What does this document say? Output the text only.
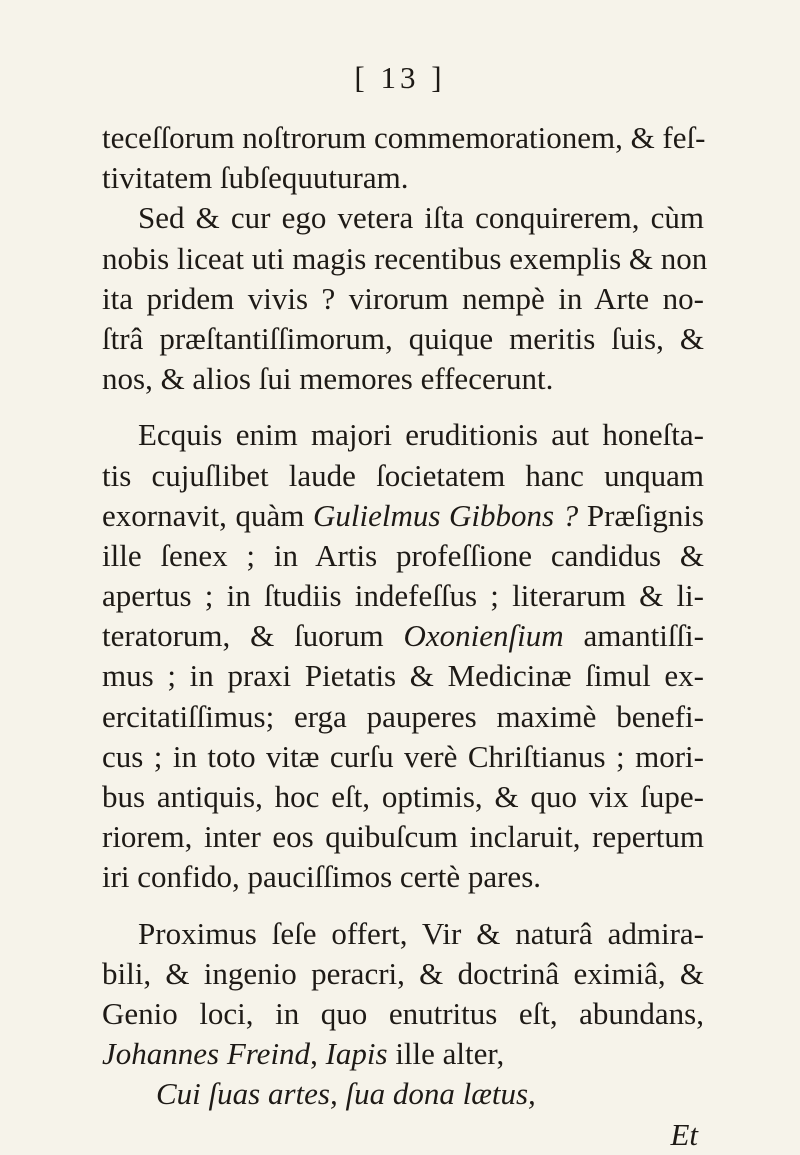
[ 13 ]
teceſſorum noſtrorum commemorationem, & feſ-
tivitatem ſubſequuturam.
Sed & cur ego vetera iſta conquirerem, cùm
nobis liceat uti magis recentibus exemplis & non
ita pridem vivis ? virorum nempè in Arte no-
ſtrâ præſtantiſſimorum, quique meritis ſuis, &
nos, & alios ſui memores effecerunt.
Ecquis enim majori eruditionis aut honeſta-
tis cujuſlibet laude ſocietatem hanc unquam
exornavit, quàm Gulielmus Gibbons ? Præſignis
ille ſenex ; in Artis profeſſione candidus &
apertus ; in ſtudiis indefeſſus ; literarum & li-
teratorum, & ſuorum Oxonienſium amantiſſi-
mus ; in praxi Pietatis & Medicinæ ſimul ex-
ercitatiſſimus; erga pauperes maximè benefi-
cus ; in toto vitæ curſu verè Chriſtianus ; mori-
bus antiquis, hoc eſt, optimis, & quo vix ſupe-
riorem, inter eos quibuſcum inclaruit, repertum
iri confido, pauciſſimos certè pares.
Proximus ſeſe offert, Vir & naturâ admira-
bili, & ingenio peracri, & doctrinâ eximiâ, &
Genio loci, in quo enutritus eſt, abundans,
Johannes Freind, Iapis ille alter,
Cui ſuas artes, ſua dona lætus,
Et
